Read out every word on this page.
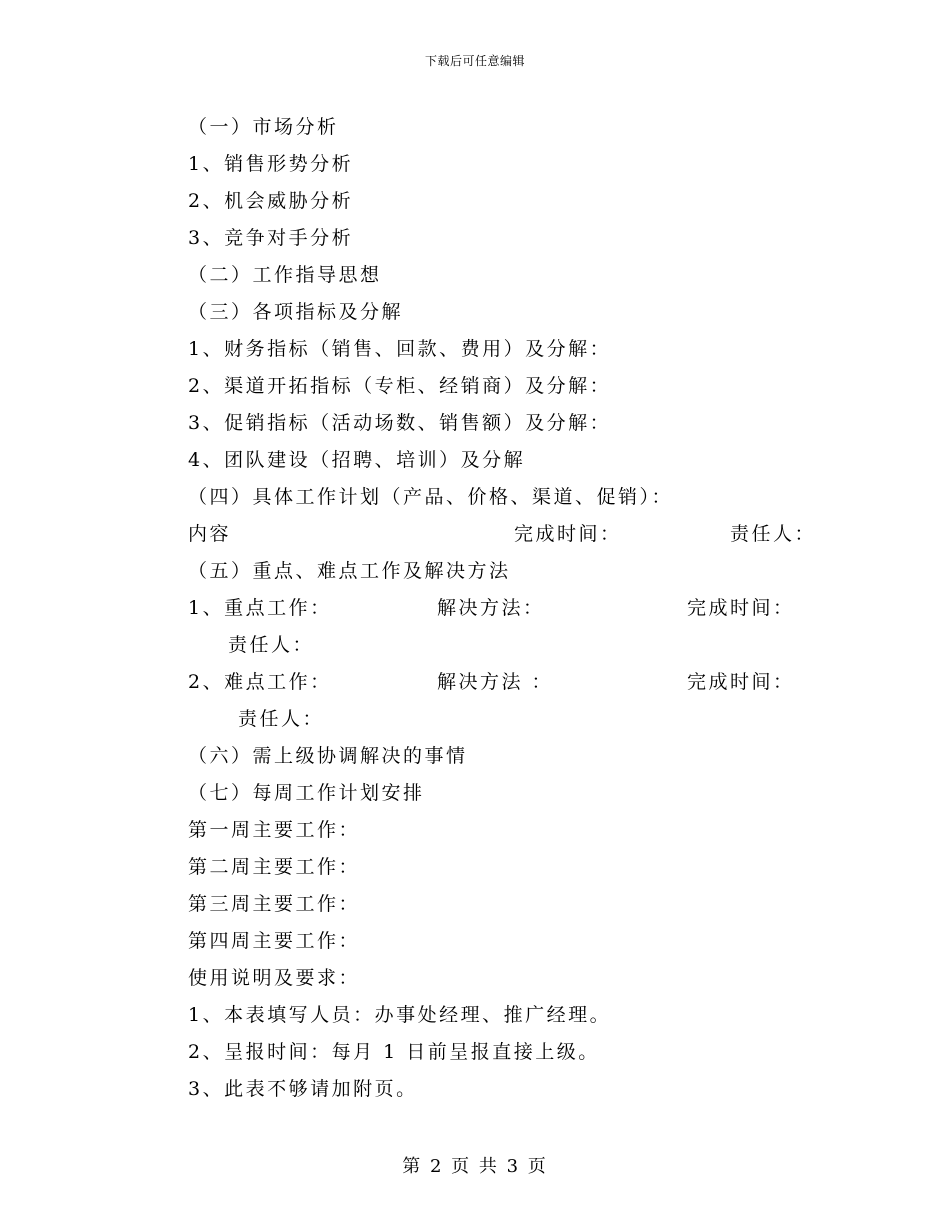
下载后可任意编辑
（一）市场分析
1、销售形势分析
2、机会威胁分析
3、竞争对手分析
（二）工作指导思想
（三）各项指标及分解
1、财务指标（销售、回款、费用）及分解：
2、渠道开拓指标（专柜、经销商）及分解：
3、促销指标（活动场数、销售额）及分解：
4、团队建设（招聘、培训）及分解
（四）具体工作计划（产品、价格、渠道、促销）：
内容	完成时间：	责任人：
（五）重点、难点工作及解决方法
1、重点工作：	解决方法：	完成时间：
责任人：
2、难点工作：	解决方法 ：	完成时间：
责任人：
（六）需上级协调解决的事情
（七）每周工作计划安排
第一周主要工作：
第二周主要工作：
第三周主要工作：
第四周主要工作：
使用说明及要求：
1、本表填写人员：办事处经理、推广经理。
2、呈报时间：每月 1 日前呈报直接上级。
3、此表不够请加附页。
第 2 页 共 3 页
